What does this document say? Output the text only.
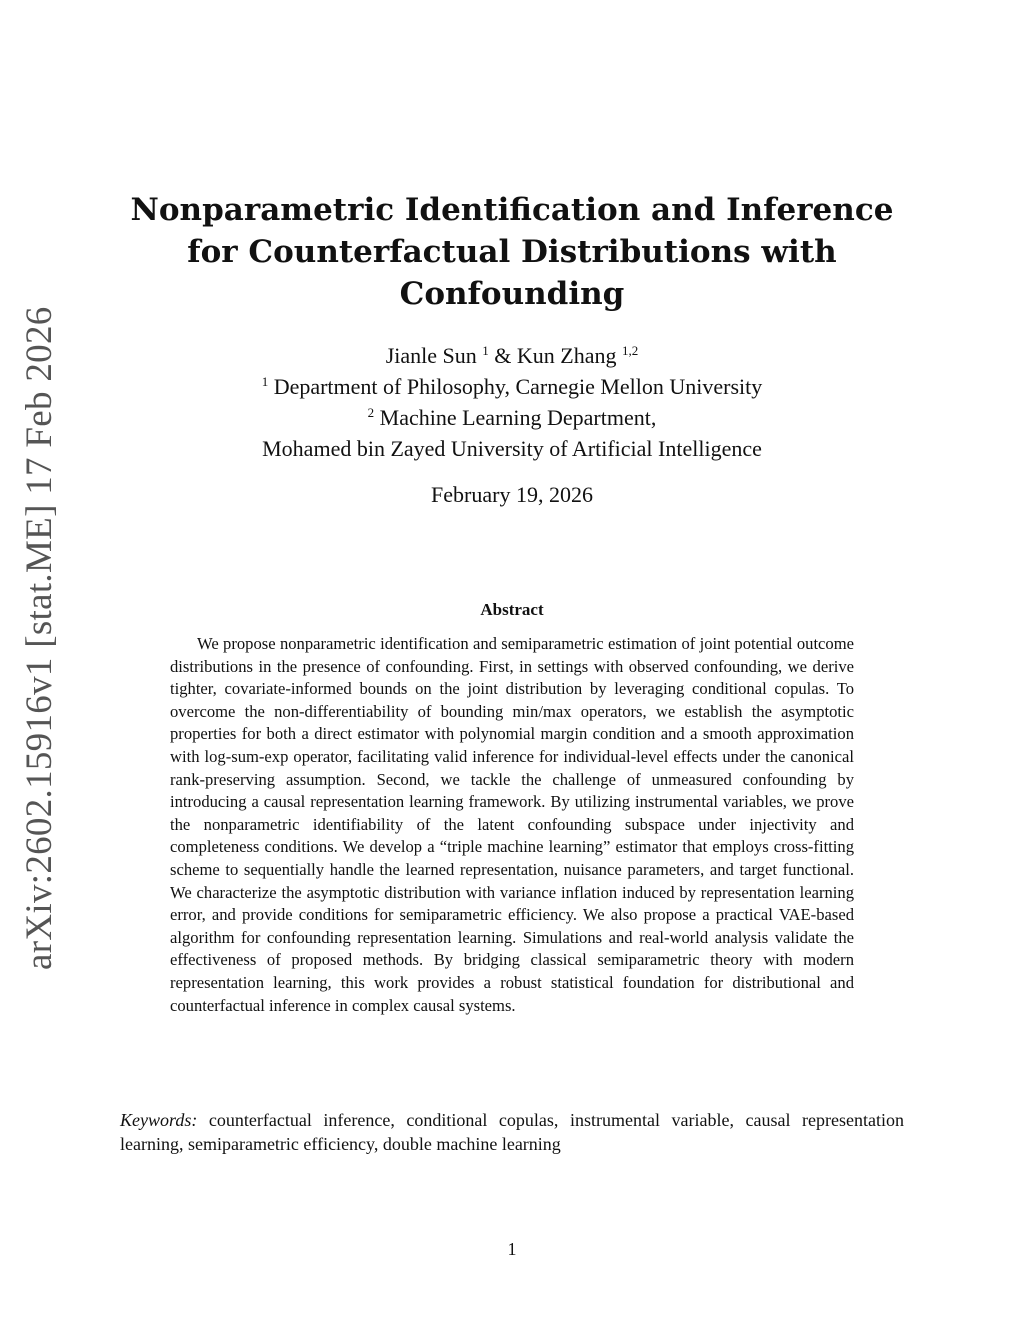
arXiv:2602.15916v1 [stat.ME] 17 Feb 2026
Nonparametric Identification and Inference
for Counterfactual Distributions with
Confounding
Jianle Sun $^1$ & Kun Zhang $^{1,2}$
$^1$ Department of Philosophy, Carnegie Mellon University
$^2$ Machine Learning Department,
Mohamed bin Zayed University of Artificial Intelligence
February 19, 2026
Abstract

We propose nonparametric identification and semiparametric estimation of joint potential outcome distributions in the presence of confounding. First, in settings with observed confounding, we derive tighter, covariate-informed bounds on the joint distribution by leveraging conditional copulas. To overcome the non-differentiability of bounding min/max operators, we establish the asymptotic properties for both a direct estimator with polynomial margin condition and a smooth approximation with log-sum-exp operator, facilitating valid inference for individual-level effects under the canonical rank-preserving assumption. Second, we tackle the challenge of unmeasured confounding by introducing a causal representation learning framework. By utilizing instrumental variables, we prove the nonparametric identifiability of the latent confounding subspace under injectivity and completeness conditions. We develop a “triple machine learning” estimator that employs cross-fitting scheme to sequentially handle the learned representation, nuisance parameters, and target functional. We characterize the asymptotic distribution with variance inflation induced by representation learning error, and provide conditions for semiparametric efficiency. We also propose a practical VAE-based algorithm for confounding representation learning. Simulations and real-world analysis validate the effectiveness of proposed methods. By bridging classical semiparametric theory with modern representation learning, this work provides a robust statistical foundation for distributional and counterfactual inference in complex causal systems.

Keywords: counterfactual inference, conditional copulas, instrumental variable, causal representation learning, semiparametric efficiency, double machine learning

1
